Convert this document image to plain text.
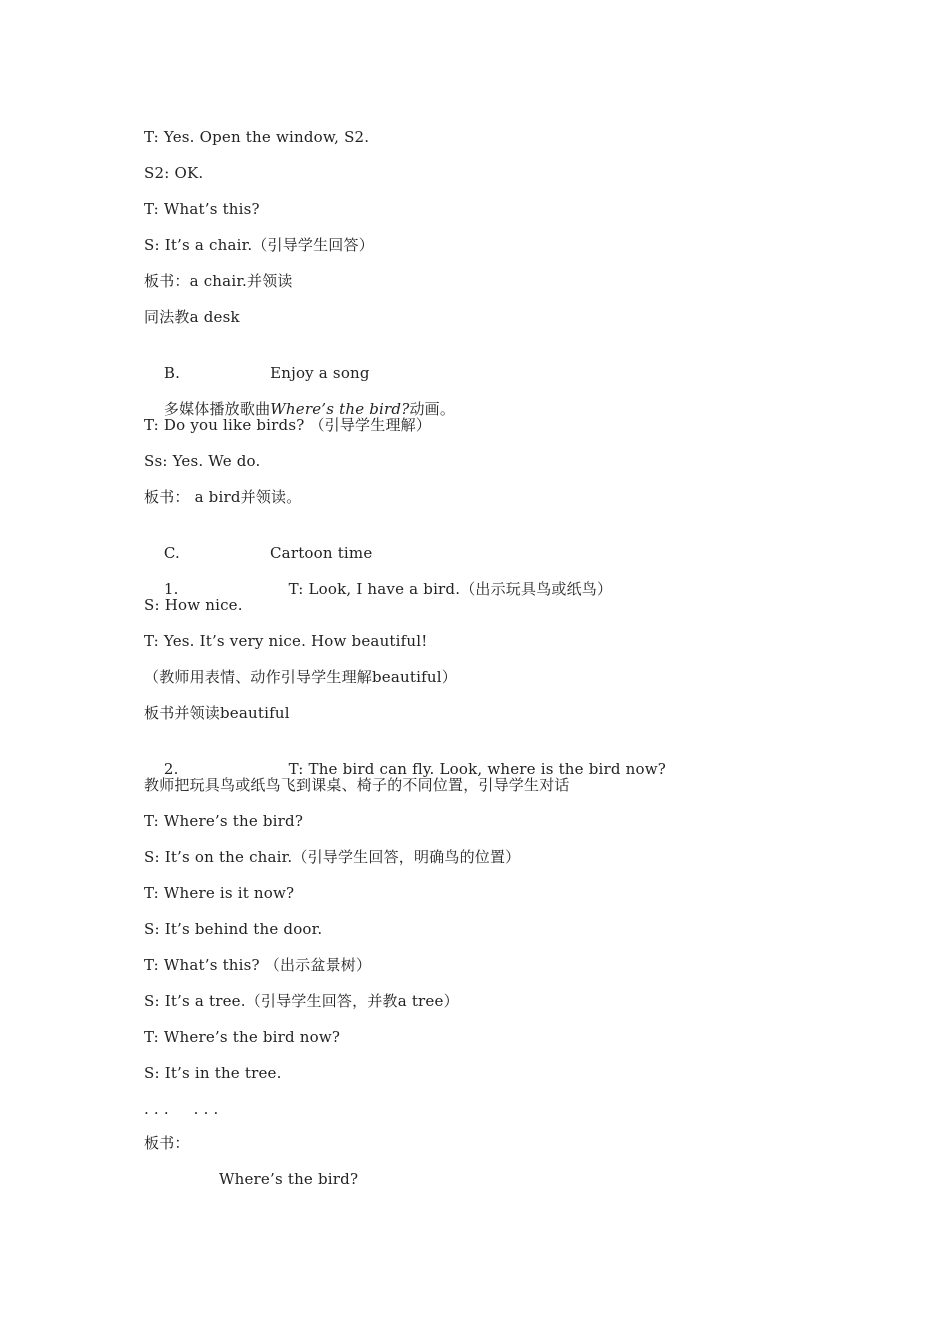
T: Yes. Open the window, S2.
S2: OK.
T: What’s this?
S: It’s a chair.（引导学生回答）
板书：a chair.并领读
同法教a desk

B.	Enjoy a song

多媒体播放歌曲Where’s the bird?动画。

T: Do you like birds? （引导学生理解）
Ss: Yes. We do.
板书： a bird并领读。

C.	Cartoon time

1.	T: Look, I have a bird.（出示玩具鸟或纸鸟）

S: How nice.
T: Yes. It’s very nice. How beautiful!
（教师用表情、动作引导学生理解beautiful）
板书并领读beautiful

2.	T: The bird can fly. Look, where is the bird now?

教师把玩具鸟或纸鸟飞到课桌、椅子的不同位置，引导学生对话
T: Where’s the bird?
S: It’s on the chair.（引导学生回答，明确鸟的位置）
T: Where is it now?
S: It’s behind the door.
T: What’s this? （出示盆景树）
S: It’s a tree.（引导学生回答，并教a tree）
T: Where’s the bird now?
S: It’s in the tree.
. . .     . . .
板书：
Where’s the bird?
